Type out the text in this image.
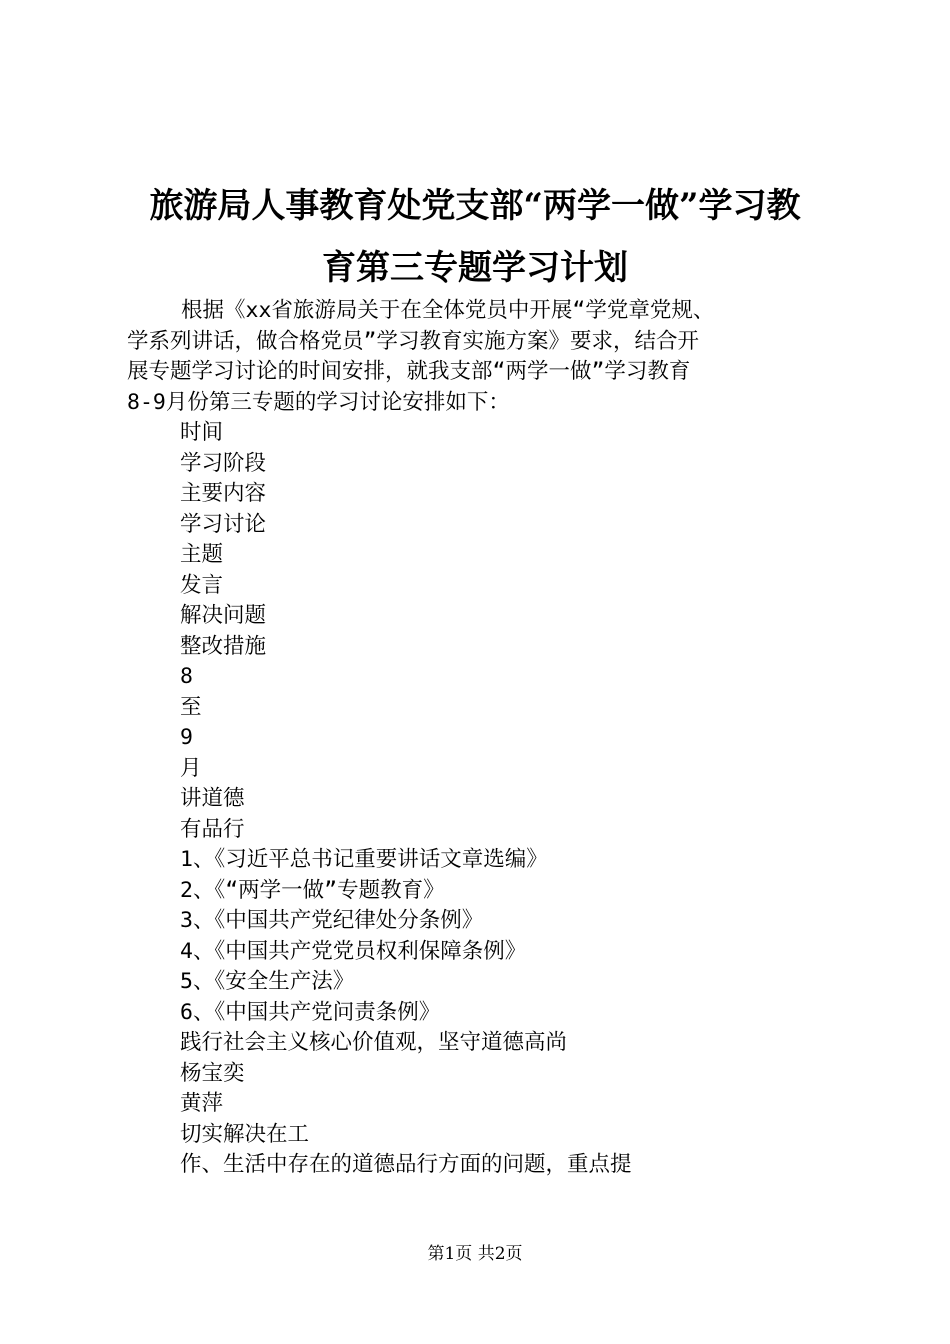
旅游局人事教育处党支部“两学一做”学习教
育第三专题学习计划
根据《xx省旅游局关于在全体党员中开展“学党章党规、
学系列讲话，做合格党员”学习教育实施方案》要求，结合开
展专题学习讨论的时间安排，就我支部“两学一做”学习教育
8-9月份第三专题的学习讨论安排如下：
时间
学习阶段
主要内容
学习讨论
主题
发言
解决问题
整改措施
8
至
9
月
讲道德
有品行
1、《习近平总书记重要讲话文章选编》
2、《“两学一做”专题教育》
3、《中国共产党纪律处分条例》
4、《中国共产党党员权利保障条例》
5、《安全生产法》
6、《中国共产党问责条例》
践行社会主义核心价值观，坚守道德高尚
杨宝奕
黄萍
切实解决在工
作、生活中存在的道德品行方面的问题，重点提
第1页 共2页
